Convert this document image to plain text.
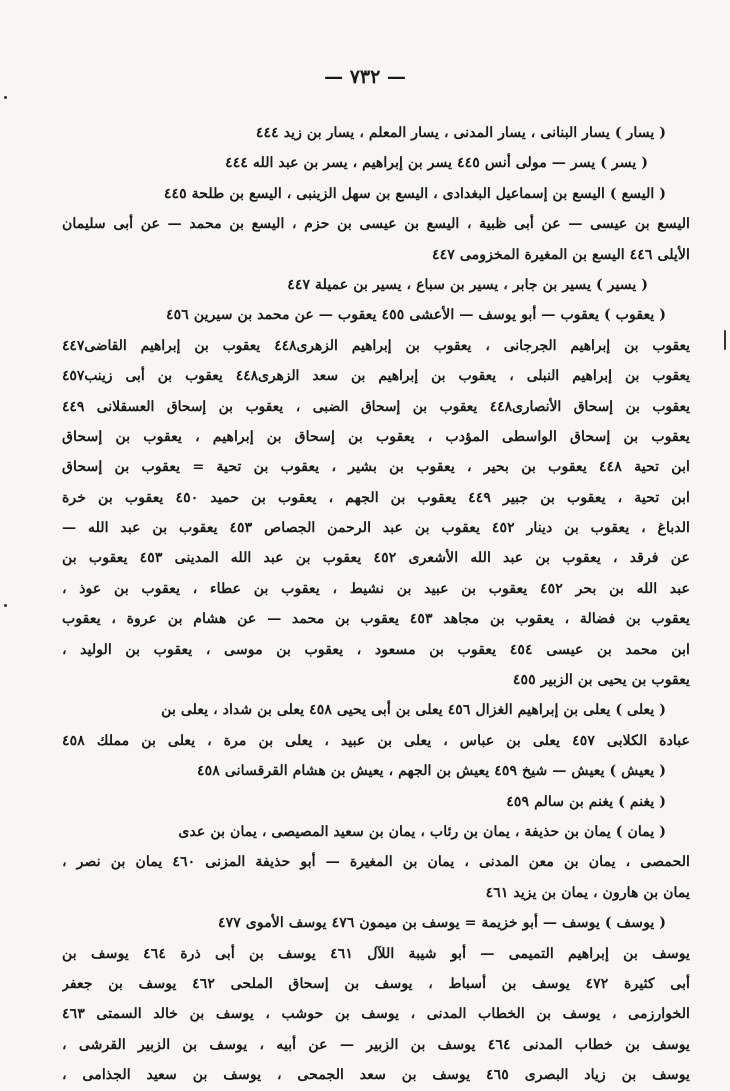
— ٧٣٢ —
( يسار ) يسار البنانى ، يسار المدنى ، يسار المعلم ، يسار بن زيد ٤٤٤
( يسر ) يسر — مولى أنس ٤٤٥ يسر بن إبراهيم ، يسر بن عبد الله ٤٤٤
( اليسع ) اليسع بن إسماعيل البغدادى ، اليسع بن سهل الزينبى ، اليسع بن طلحة ٤٤٥
اليسع بن عيسى — عن أبى ظبية ، اليسع بن عيسى بن حزم ، اليسع بن محمد — عن أبى سليمان
الأيلى ٤٤٦ اليسع بن المغيرة المخزومى ٤٤٧
( يسير ) يسير بن جابر ، يسير بن سباع ، يسير بن عميلة ٤٤٧
( يعقوب ) يعقوب — أبو يوسف — الأعشى ٤٥٥ يعقوب — عن محمد بن سيرين ٤٥٦
يعقوب بن إبراهيم الجرجانى ، يعقوب بن إبراهيم الزهرى٤٤٨ يعقوب بن إبراهيم القاضى٤٤٧
يعقوب بن إبراهيم النبلى ، يعقوب بن إبراهيم بن سعد الزهرى٤٤٨ يعقوب بن أبى زينب٤٥٧
يعقوب بن إسحاق الأنصارى٤٤٨ يعقوب بن إسحاق الضبى ، يعقوب بن إسحاق العسقلانى ٤٤٩
يعقوب بن إسحاق الواسطى المؤدب ، يعقوب بن إسحاق بن إبراهيم ، يعقوب بن إسحاق
ابن تحية ٤٤٨ يعقوب بن بحير ، يعقوب بن بشير ، يعقوب بن تحية = يعقوب بن إسحاق
ابن تحية ، يعقوب بن جبير ٤٤٩ يعقوب بن الجهم ، يعقوب بن حميد ٤٥٠ يعقوب بن خرة
الدباغ ، يعقوب بن دينار ٤٥٢ يعقوب بن عبد الرحمن الجصاص ٤٥٣ يعقوب بن عبد الله —
عن فرقد ، يعقوب بن عبد الله الأشعرى ٤٥٢ يعقوب بن عبد الله المدينى ٤٥٣ يعقوب بن
عبد الله بن بحر ٤٥٢ يعقوب بن عبيد بن نشيط ، يعقوب بن عطاء ، يعقوب بن عوذ ،
يعقوب بن فضالة ، يعقوب بن مجاهد ٤٥٣ يعقوب بن محمد — عن هشام بن عروة ، يعقوب
ابن محمد بن عيسى ٤٥٤ يعقوب بن مسعود ، يعقوب بن موسى ، يعقوب بن الوليد ،
يعقوب بن يحيى بن الزبير ٤٥٥
( يعلى ) يعلى بن إبراهيم الغزال ٤٥٦ يعلى بن أبى يحيى ٤٥٨ يعلى بن شداد ، يعلى بن
عبادة الكلابى ٤٥٧ يعلى بن عباس ، يعلى بن عبيد ، يعلى بن مرة ، يعلى بن مملك ٤٥٨
( يعيش ) يعيش — شيخ ٤٥٩ يعيش بن الجهم ، يعيش بن هشام القرقسانى ٤٥٨
( يغنم ) يغنم بن سالم ٤٥٩
( يمان ) يمان بن حذيفة ، يمان بن رئاب ، يمان بن سعيد المصيصى ، يمان بن عدى
الحمصى ، يمان بن معن المدنى ، يمان بن المغيرة — أبو حذيفة المزنى ٤٦٠ يمان بن نصر ،
يمان بن هارون ، يمان بن يزيد ٤٦١
( يوسف ) يوسف — أبو خزيمة = يوسف بن ميمون ٤٧٦ يوسف الأموى ٤٧٧
يوسف بن إبراهيم التميمى — أبو شيبة اللآل ٤٦١ يوسف بن أبى ذرة ٤٦٤ يوسف بن
أبى كثيرة ٤٧٢ يوسف بن أسباط ، يوسف بن إسحاق الملحى ٤٦٢ يوسف بن جعفر
الخوارزمى ، يوسف بن الخطاب المدنى ، يوسف بن حوشب ، يوسف بن خالد السمتى ٤٦٣
يوسف بن خطاب المدنى ٤٦٤ يوسف بن الزبير — عن أبيه ، يوسف بن الزبير القرشى ،
يوسف بن زياد البصرى ٤٦٥ يوسف بن سعد الجمحى ، يوسف بن سعيد الجذامى ،
